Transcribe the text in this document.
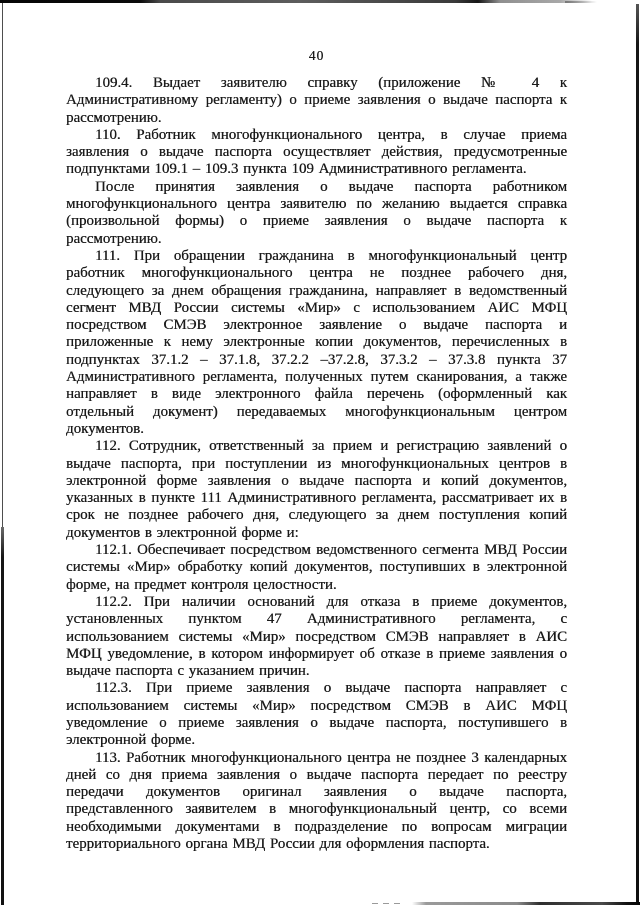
40

109.4. Выдает заявителю справку (приложение № 4 к Административному регламенту) о приеме заявления о выдаче паспорта к рассмотрению.

110. Работник многофункционального центра, в случае приема заявления о выдаче паспорта осуществляет действия, предусмотренные подпунктами 109.1 – 109.3 пункта 109 Административного регламента.

После принятия заявления о выдаче паспорта работником многофункционального центра заявителю по желанию выдается справка (произвольной формы) о приеме заявления о выдаче паспорта к рассмотрению.

111. При обращении гражданина в многофункциональный центр работник многофункционального центра не позднее рабочего дня, следующего за днем обращения гражданина, направляет в ведомственный сегмент МВД России системы «Мир» с использованием АИС МФЦ посредством СМЭВ электронное заявление о выдаче паспорта и приложенные к нему электронные копии документов, перечисленных в подпунктах 37.1.2 – 37.1.8, 37.2.2 –37.2.8, 37.3.2 – 37.3.8 пункта 37 Административного регламента, полученных путем сканирования, а также направляет в виде электронного файла перечень (оформленный как отдельный документ) передаваемых многофункциональным центром документов.

112. Сотрудник, ответственный за прием и регистрацию заявлений о выдаче паспорта, при поступлении из многофункциональных центров в электронной форме заявления о выдаче паспорта и копий документов, указанных в пункте 111 Административного регламента, рассматривает их в срок не позднее рабочего дня, следующего за днем поступления копий документов в электронной форме и:

112.1. Обеспечивает посредством ведомственного сегмента МВД России системы «Мир» обработку копий документов, поступивших в электронной форме, на предмет контроля целостности.

112.2. При наличии оснований для отказа в приеме документов, установленных пунктом 47 Административного регламента, с использованием системы «Мир» посредством СМЭВ направляет в АИС МФЦ уведомление, в котором информирует об отказе в приеме заявления о выдаче паспорта с указанием причин.

112.3. При приеме заявления о выдаче паспорта направляет с использованием системы «Мир» посредством СМЭВ в АИС МФЦ уведомление о приеме заявления о выдаче паспорта, поступившего в электронной форме.

113. Работник многофункционального центра не позднее 3 календарных дней со дня приема заявления о выдаче паспорта передает по реестру передачи документов оригинал заявления о выдаче паспорта, представленного заявителем в многофункциональный центр, со всеми необходимыми документами в подразделение по вопросам миграции территориального органа МВД России для оформления паспорта.
